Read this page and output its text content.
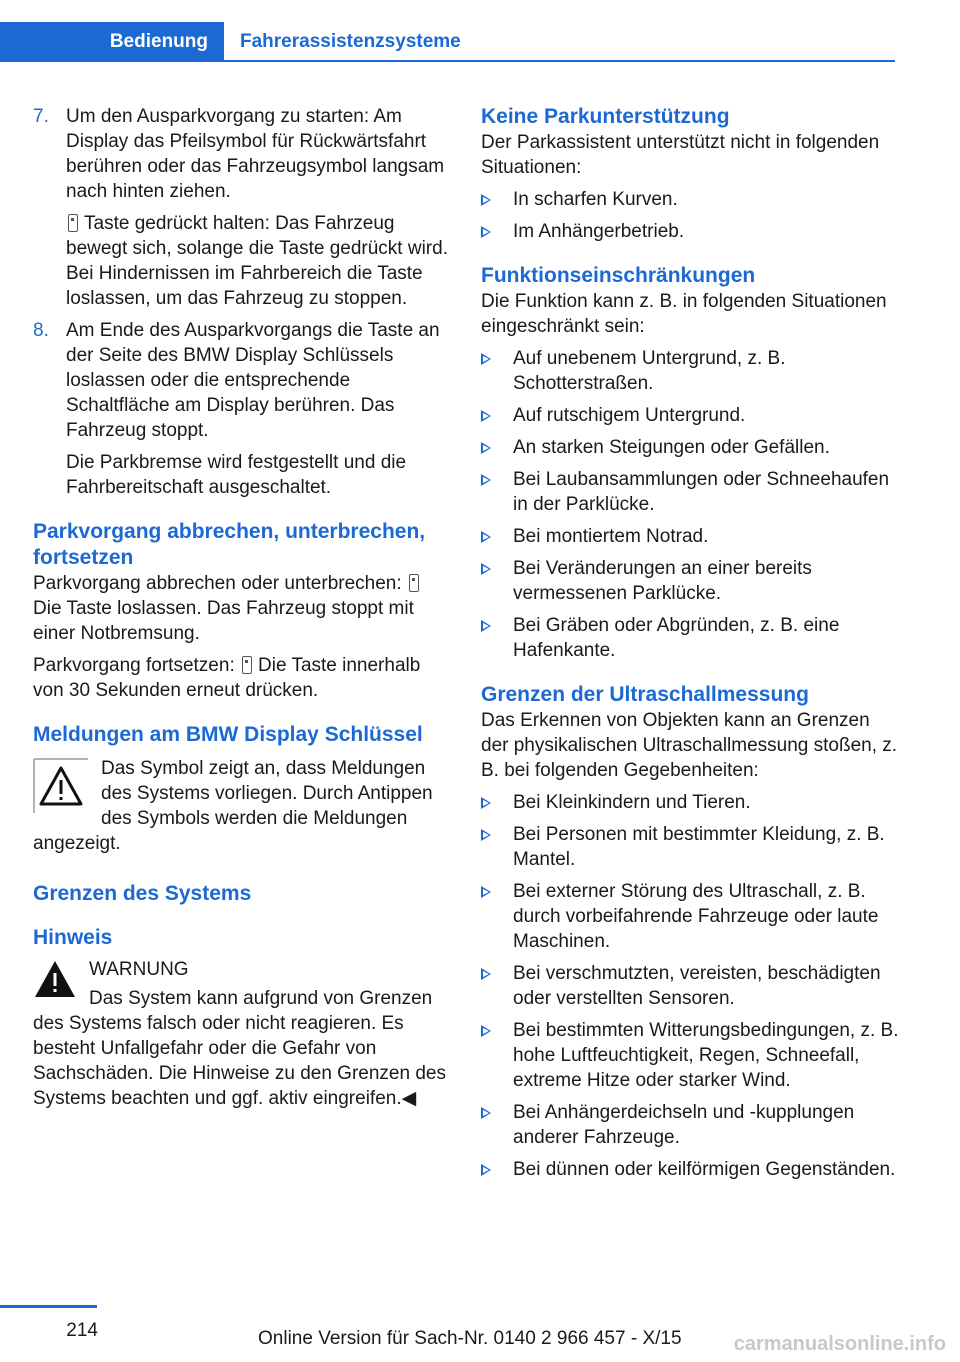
Bedienung	Fahrerassistenzsysteme
7. Um den Ausparkvorgang zu starten: Am Display das Pfeilsymbol für Rückwärtsfahrt berühren oder das Fahrzeugsymbol langsam nach hinten ziehen.

Taste gedrückt halten: Das Fahrzeug bewegt sich, solange die Taste gedrückt wird. Bei Hindernissen im Fahrbereich die Taste loslassen, um das Fahrzeug zu stoppen.

8. Am Ende des Ausparkvorgangs die Taste an der Seite des BMW Display Schlüssels loslassen oder die entsprechende Schaltfläche am Display berühren. Das Fahrzeug stoppt.

Die Parkbremse wird festgestellt und die Fahrbereitschaft ausgeschaltet.

Parkvorgang abbrechen, unterbrechen, fortsetzen

Parkvorgang abbrechen oder unterbrechen: Die Taste loslassen. Das Fahrzeug stoppt mit einer Notbremsung.

Parkvorgang fortsetzen: Die Taste innerhalb von 30 Sekunden erneut drücken.

Meldungen am BMW Display Schlüssel

Das Symbol zeigt an, dass Meldungen des Systems vorliegen. Durch Antippen des Symbols werden die Meldungen angezeigt.

Grenzen des Systems
Hinweis

WARNUNG

Das System kann aufgrund von Grenzen des Systems falsch oder nicht reagieren. Es besteht Unfallgefahr oder die Gefahr von Sachschäden. Die Hinweise zu den Grenzen des Systems beachten und ggf. aktiv eingreifen.◀

Keine Parkunterstützung

Der Parkassistent unterstützt nicht in folgenden Situationen:

In scharfen Kurven.
Im Anhängerbetrieb.
Funktionseinschränkungen

Die Funktion kann z. B. in folgenden Situationen eingeschränkt sein:

Auf unebenem Untergrund, z. B. Schotterstraßen.
Auf rutschigem Untergrund.
An starken Steigungen oder Gefällen.
Bei Laubansammlungen oder Schneehaufen in der Parklücke.
Bei montiertem Notrad.
Bei Veränderungen an einer bereits vermessenen Parklücke.
Bei Gräben oder Abgründen, z. B. eine Hafenkante.
Grenzen der Ultraschallmessung

Das Erkennen von Objekten kann an Grenzen der physikalischen Ultraschallmessung stoßen, z. B. bei folgenden Gegebenheiten:

Bei Kleinkindern und Tieren.
Bei Personen mit bestimmter Kleidung, z. B. Mantel.
Bei externer Störung des Ultraschall, z. B. durch vorbeifahrende Fahrzeuge oder laute Maschinen.
Bei verschmutzten, vereisten, beschädigten oder verstellten Sensoren.
Bei bestimmten Witterungsbedingungen, z. B. hohe Luftfeuchtigkeit, Regen, Schneefall, extreme Hitze oder starker Wind.
Bei Anhängerdeichseln und -kupplungen anderer Fahrzeuge.
Bei dünnen oder keilförmigen Gegenständen.
214	Online Version für Sach-Nr. 0140 2 966 457 - X/15	carmanualsonline.info
